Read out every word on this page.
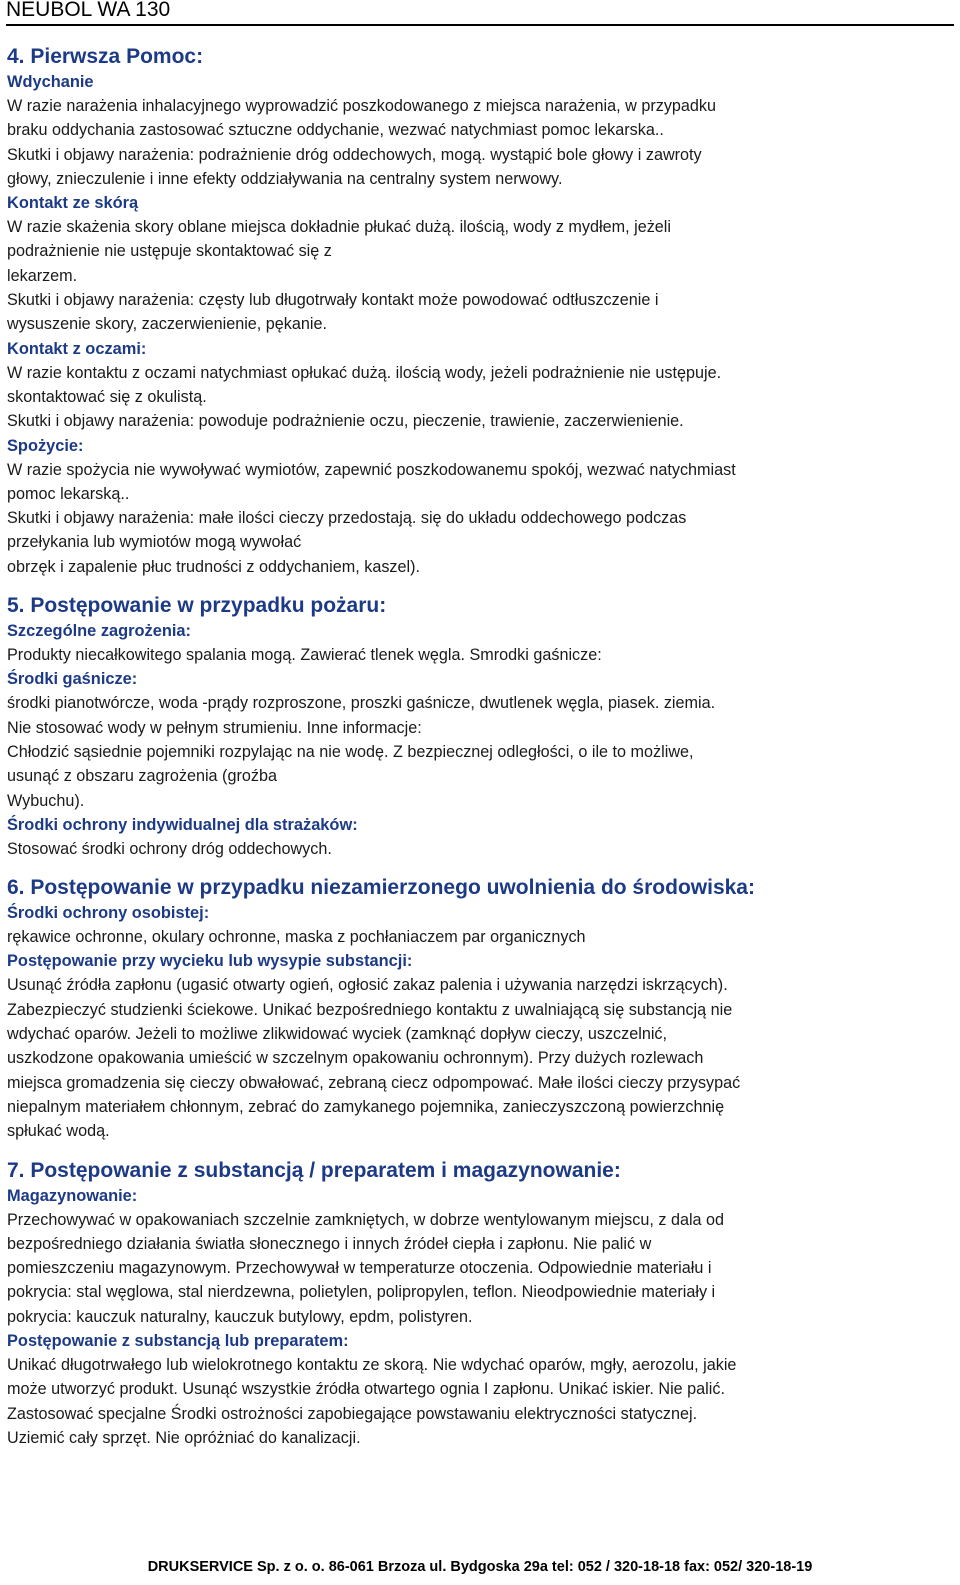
NEUBOL WA 130
4. Pierwsza Pomoc:
Wdychanie
W razie narażenia inhalacyjnego wyprowadzić poszkodowanego z miejsca narażenia, w przypadku
braku oddychania zastosować sztuczne oddychanie, wezwać natychmiast pomoc lekarska..
Skutki i objawy narażenia: podrażnienie dróg oddechowych, mogą. wystąpić bole głowy i zawroty
głowy, znieczulenie i inne efekty oddziaływania na centralny system nerwowy.
Kontakt ze skórą
W razie skażenia skory oblane miejsca dokładnie płukać dużą. ilością, wody z mydłem, jeżeli
podrażnienie nie ustępuje skontaktować się z
lekarzem.
Skutki i objawy narażenia: częsty lub długotrwały kontakt może powodować odtłuszczenie i
wysuszenie skory, zaczerwienienie, pękanie.
Kontakt z oczami:
W razie kontaktu z oczami natychmiast opłukać dużą. ilością wody, jeżeli podrażnienie nie ustępuje.
skontaktować się z okulistą.
Skutki i objawy narażenia: powoduje podrażnienie oczu, pieczenie, trawienie, zaczerwienienie.
Spożycie:
W razie spożycia nie wywoływać wymiotów, zapewnić poszkodowanemu spokój, wezwać natychmiast
pomoc lekarską..
Skutki i objawy narażenia: małe ilości cieczy przedostają. się do układu oddechowego podczas
przełykania lub wymiotów mogą wywołać
obrzęk i zapalenie płuc trudności z oddychaniem, kaszel).
5. Postępowanie w przypadku pożaru:
Szczególne zagrożenia:
Produkty niecałkowitego spalania mogą. Zawierać tlenek węgla. Smrodki gaśnicze:
Środki gaśnicze:
środki pianotwórcze, woda -prądy rozproszone, proszki gaśnicze, dwutlenek węgla, piasek. ziemia.
Nie stosować wody w pełnym strumieniu. Inne informacje:
Chłodzić sąsiednie pojemniki rozpylając na nie wodę. Z bezpiecznej odległości, o ile to możliwe,
usunąć z obszaru zagrożenia (groźba
Wybuchu).
Środki ochrony indywidualnej dla strażaków:
Stosować środki ochrony dróg oddechowych.
6. Postępowanie w przypadku niezamierzonego uwolnienia do środowiska:
Środki ochrony osobistej:
rękawice ochronne, okulary ochronne, maska z pochłaniaczem par organicznych
Postępowanie przy wycieku lub wysypie substancji:
Usunąć źródła zapłonu (ugasić otwarty ogień, ogłosić zakaz palenia i używania narzędzi iskrzących).
Zabezpieczyć studzienki ściekowe. Unikać bezpośredniego kontaktu z uwalniającą się substancją nie
wdychać oparów. Jeżeli to możliwe zlikwidować wyciek (zamknąć dopływ cieczy, uszczelnić,
uszkodzone opakowania umieścić w szczelnym opakowaniu ochronnym). Przy dużych rozlewach
miejsca gromadzenia się cieczy obwałować, zebraną ciecz odpompować. Małe ilości cieczy przysypać
niepalnym materiałem chłonnym, zebrać do zamykanego pojemnika, zanieczyszczoną powierzchnię
spłukać wodą.
7. Postępowanie z substancją / preparatem i magazynowanie:
Magazynowanie:
Przechowywać w opakowaniach szczelnie zamkniętych, w dobrze wentylowanym miejscu, z dala od
bezpośredniego działania światła słonecznego i innych źródeł ciepła i zapłonu. Nie palić w
pomieszczeniu magazynowym. Przechowywał w temperaturze otoczenia. Odpowiednie materiału i
pokrycia: stal węglowa, stal nierdzewna, polietylen, polipropylen, teflon. Nieodpowiednie materiały i
pokrycia: kauczuk naturalny, kauczuk butylowy, epdm, polistyren.
Postępowanie z substancją lub preparatem:
Unikać długotrwałego lub wielokrotnego kontaktu ze skorą. Nie wdychać oparów, mgły, aerozolu, jakie
może utworzyć produkt. Usunąć wszystkie źródła otwartego ognia I zapłonu. Unikać iskier. Nie palić.
Zastosować specjalne Środki ostrożności zapobiegające powstawaniu elektryczności statycznej.
Uziemić cały sprzęt. Nie opróżniać do kanalizacji.
DRUKSERVICE Sp. z o. o. 86-061 Brzoza ul. Bydgoska 29a tel: 052 / 320-18-18 fax: 052/ 320-18-19
